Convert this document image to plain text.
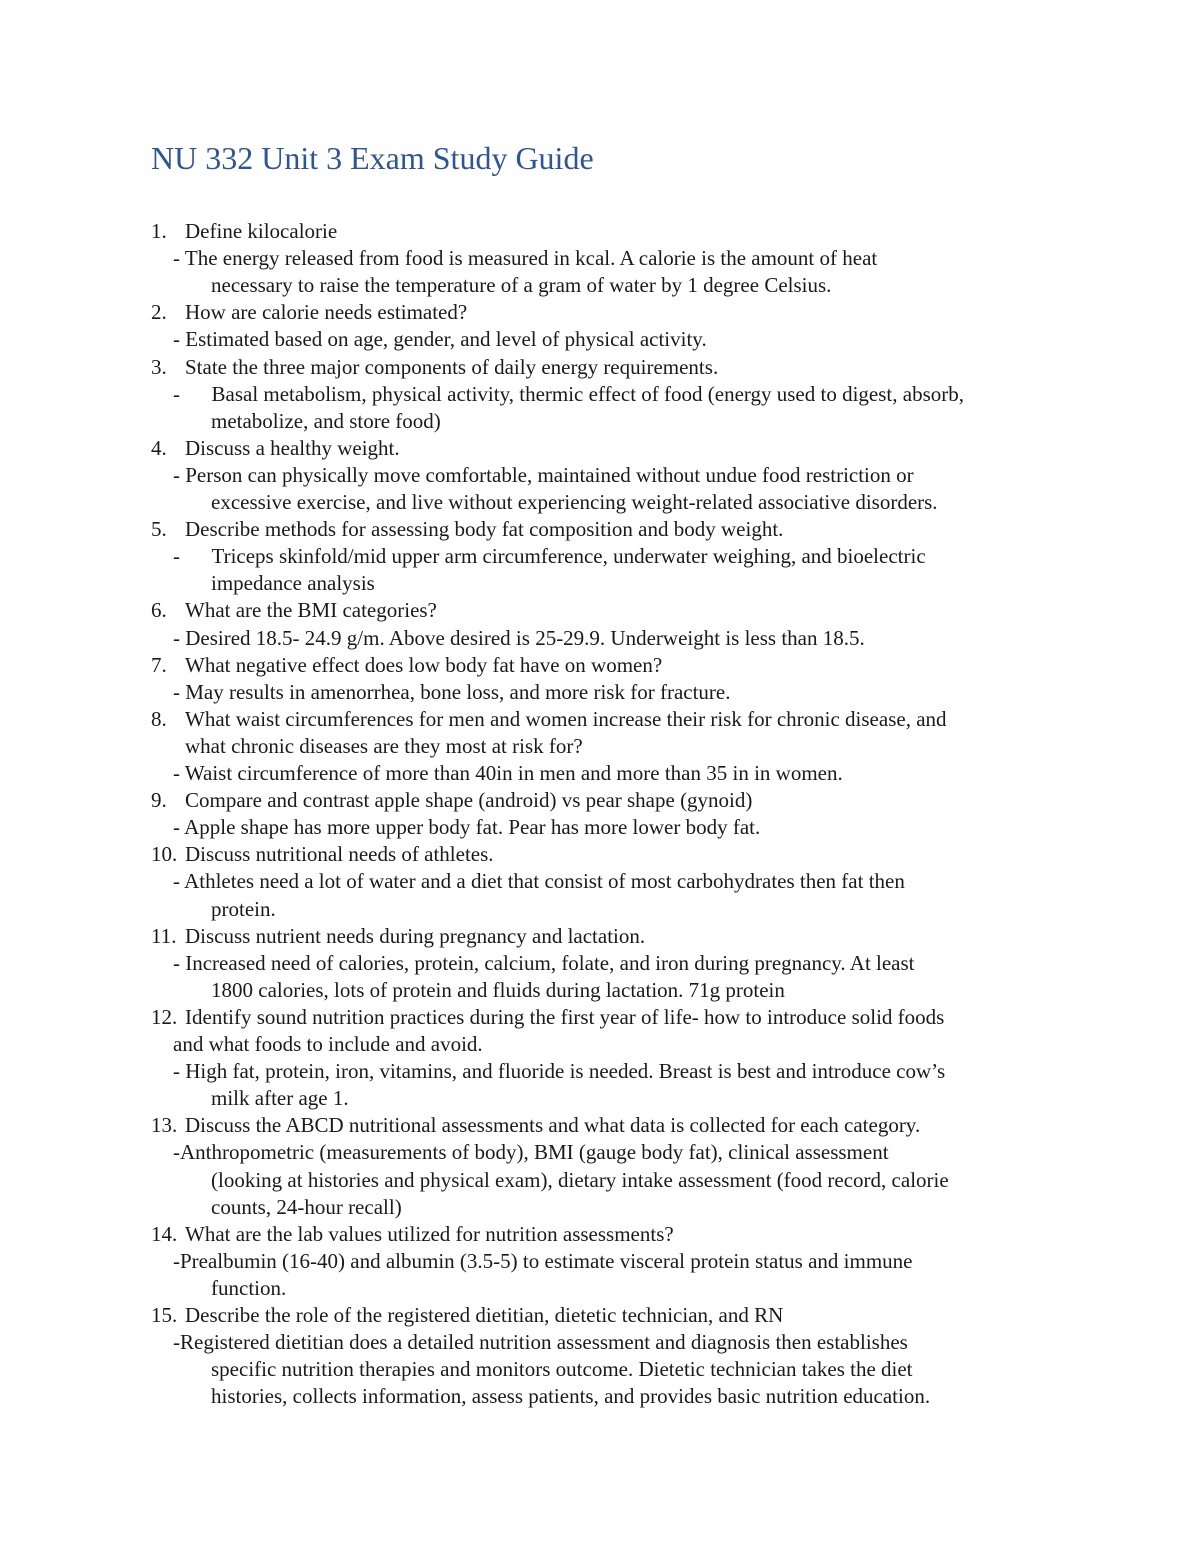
NU 332 Unit 3 Exam Study Guide
1. Define kilocalorie
- The energy released from food is measured in kcal. A calorie is the amount of heat
necessary to raise the temperature of a gram of water by 1 degree Celsius.
2. How are calorie needs estimated?
- Estimated based on age, gender, and level of physical activity.
3. State the three major components of daily energy requirements.
-  Basal metabolism, physical activity, thermic effect of food (energy used to digest, absorb,
metabolize, and store food)
4. Discuss a healthy weight.
- Person can physically move comfortable, maintained without undue food restriction or
excessive exercise, and live without experiencing weight-related associative disorders.
5. Describe methods for assessing body fat composition and body weight.
-  Triceps skinfold/mid upper arm circumference, underwater weighing, and bioelectric
impedance analysis
6. What are the BMI categories?
- Desired 18.5- 24.9 g/m. Above desired is 25-29.9. Underweight is less than 18.5.
7. What negative effect does low body fat have on women?
- May results in amenorrhea, bone loss, and more risk for fracture.
8. What waist circumferences for men and women increase their risk for chronic disease, and
what chronic diseases are they most at risk for?
- Waist circumference of more than 40in in men and more than 35 in in women.
9. Compare and contrast apple shape (android) vs pear shape (gynoid)
- Apple shape has more upper body fat. Pear has more lower body fat.
10. Discuss nutritional needs of athletes.
- Athletes need a lot of water and a diet that consist of most carbohydrates then fat then
protein.
11. Discuss nutrient needs during pregnancy and lactation.
- Increased need of calories, protein, calcium, folate, and iron during pregnancy. At least
1800 calories, lots of protein and fluids during lactation. 71g protein
12. Identify sound nutrition practices during the first year of life- how to introduce solid foods
and what foods to include and avoid.
- High fat, protein, iron, vitamins, and fluoride is needed. Breast is best and introduce cow’s
milk after age 1.
13. Discuss the ABCD nutritional assessments and what data is collected for each category.
-Anthropometric (measurements of body), BMI (gauge body fat), clinical assessment
(looking at histories and physical exam), dietary intake assessment (food record, calorie
counts, 24-hour recall)
14. What are the lab values utilized for nutrition assessments?
-Prealbumin (16-40) and albumin (3.5-5) to estimate visceral protein status and immune
function.
15. Describe the role of the registered dietitian, dietetic technician, and RN
-Registered dietitian does a detailed nutrition assessment and diagnosis then establishes
specific nutrition therapies and monitors outcome. Dietetic technician takes the diet
histories, collects information, assess patients, and provides basic nutrition education.
